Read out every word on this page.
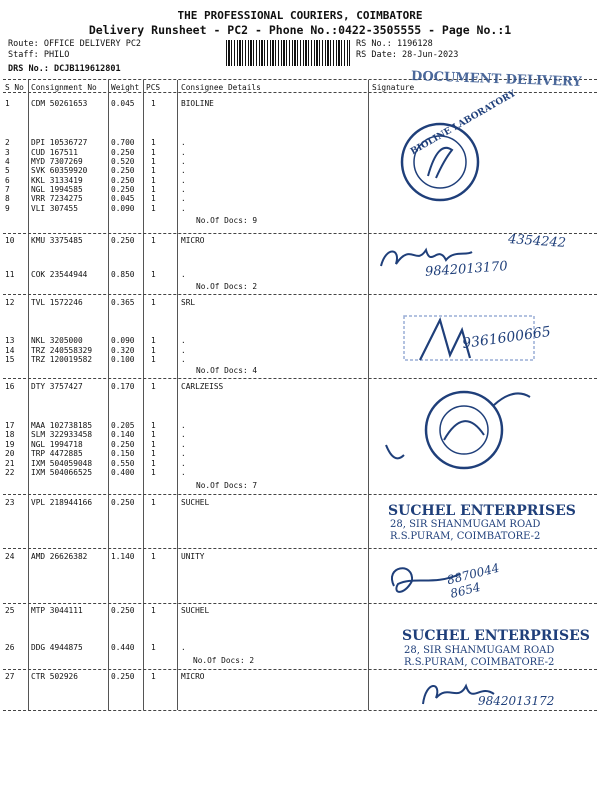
THE PROFESSIONAL COURIERS, COIMBATORE
Delivery Runsheet - PC2 - Phone No.:0422-3505555 - Page No.:1
Route: OFFICE DELIVERY PC2
Staff: PHILO
DRS No.: DCJB119612801
RS No.: 1196128
RS Date: 28-Jun-2023
S No Consignment No Weight PCS	Consignee Details	Signature
1	CDM 50261653	0.045 1	BIOLINE
2	DPI 10536727	0.700 1	.
3	CUD 167511	0.250 1	.
4	MYD 7307269	0.520 1	.
5	SVK 60359920	0.250 1	.
6	KKL 3133419	0.250 1	.
7	NGL 1994585	0.250 1	.
8	VRR 7234275	0.045 1	.
9	VLI 307455	0.090 1	.
10 KMU 3375485	0.250 1	MICRO
11 COK 23544944	0.850 1	.
12 TVL 1572246	0.365 1	SRL
13 NKL 3205000	0.090 1	.
14 TRZ 240558329 0.320 1	.
15 TRZ 120019582 0.100 1	.
16 DTY 3757427	0.170 1	CARLZEISS
17 MAA 102738185 0.205 1	.
18 SLM 322933458 0.140 1	.
19 NGL 1994718	0.250 1	.
20 TRP 4472885	0.150 1	.
21 IXM 504059048 0.550 1	.
22 IXM 504066525 0.400 1	.
23 VPL 218944166 0.250 1	SUCHEL
24 AMD 26626382	1.140 1	UNITY
25 MTP 3044111	0.250 1	SUCHEL
26 DDG 4944875	0.440 1	.
27 CTR 502926	0.250 1	MICRO
No.Of Docs: 9
No.Of Docs: 2
No.Of Docs: 4
No.Of Docs: 7
No.Of Docs: 2
DOCUMENT DELIVERY
BIOLINE LABORATORY
4354242
9842013170
9361600665
SUCHEL ENTERPRISES
28, SIR SHANMUGAM ROAD
R.S.PURAM, COIMBATORE-2
8870044 8654
SUCHEL ENTERPRISES
28, SIR SHANMUGAM ROAD
R.S.PURAM, COIMBATORE-2
9842013172
